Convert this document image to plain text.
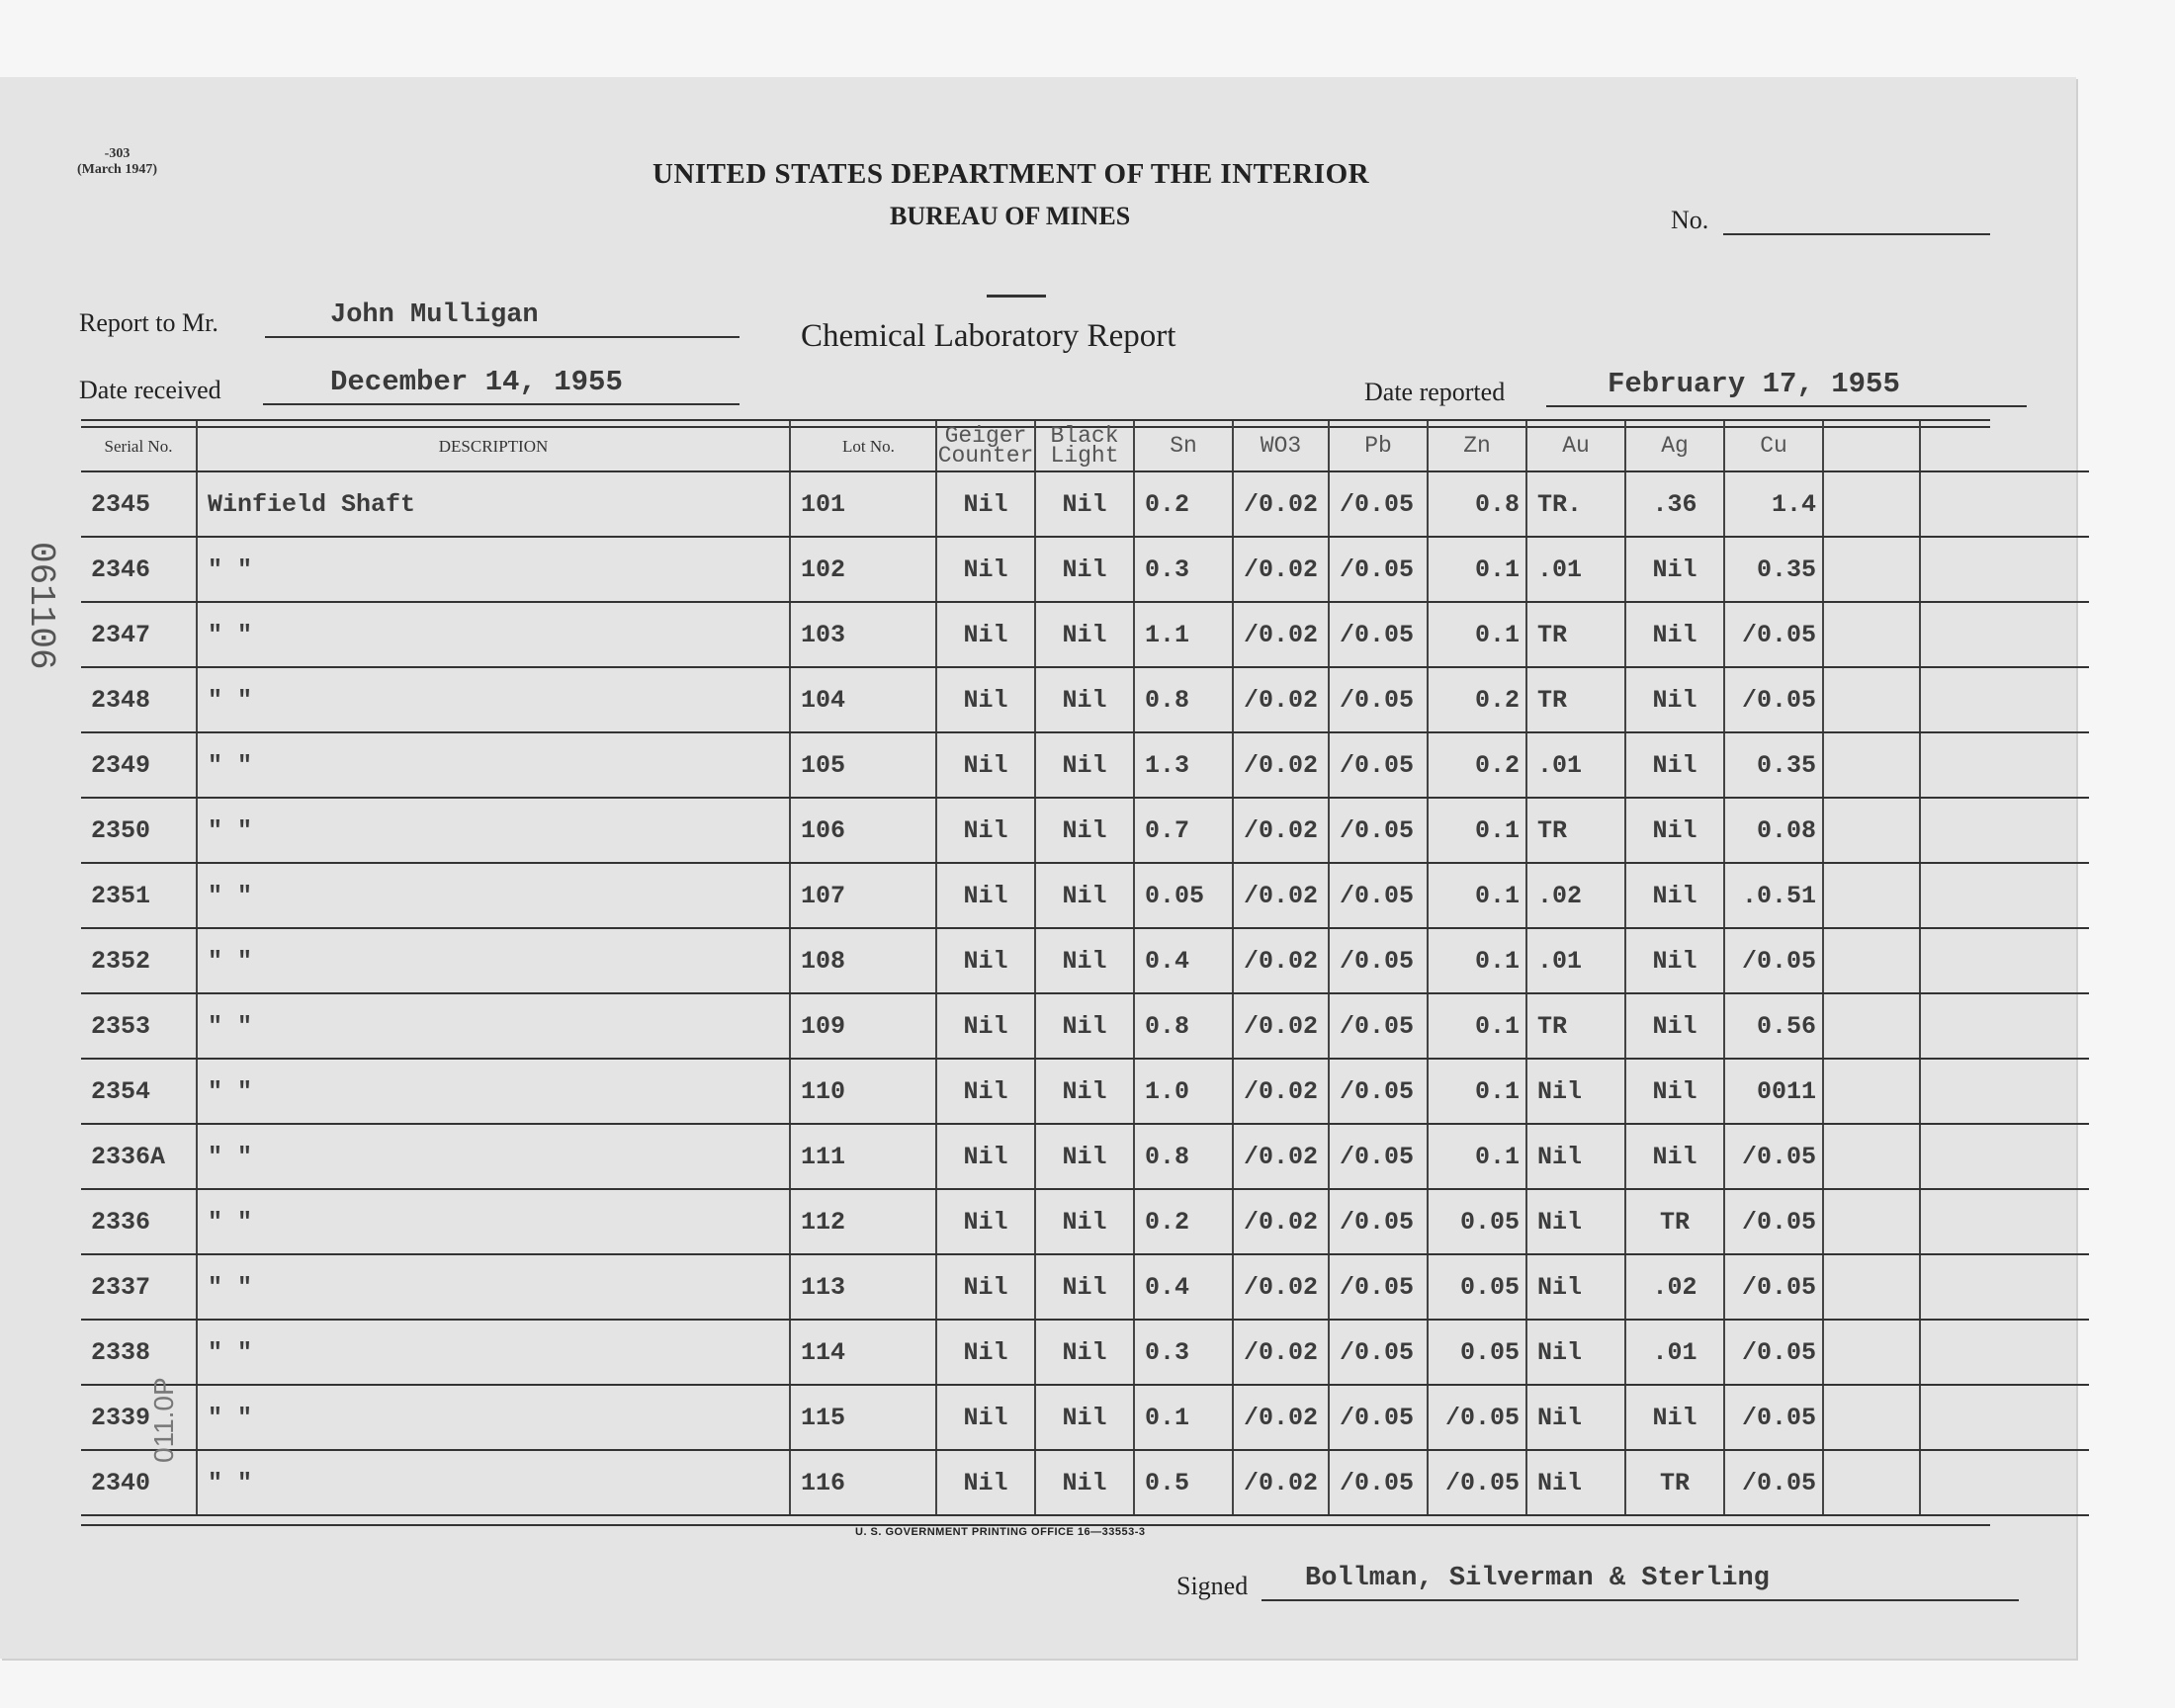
-303
(March 1947)	UNITED STATES DEPARTMENT OF THE INTERIOR
BUREAU OF MINES	No.
Chemical Laboratory Report
Report to Mr.	John Mulligan
Date received	December 14, 1955	Date reported	February 17, 1955
Serial No.	DESCRIPTION	Lot No.	Geiger Counter	Black Light	Sn	WO3	Pb	Zn	Au	Ag	Cu		
2345	Winfield Shaft	101	Nil	Nil	0.2	/0.02	/0.05	0.8	TR.	.36	1.4		
2346	" "	102	Nil	Nil	0.3	/0.02	/0.05	0.1	.01	Nil	0.35		
2347	" "	103	Nil	Nil	1.1	/0.02	/0.05	0.1	TR	Nil	/0.05		
2348	" "	104	Nil	Nil	0.8	/0.02	/0.05	0.2	TR	Nil	/0.05		
2349	" "	105	Nil	Nil	1.3	/0.02	/0.05	0.2	.01	Nil	0.35		
2350	" "	106	Nil	Nil	0.7	/0.02	/0.05	0.1	TR	Nil	0.08		
2351	" "	107	Nil	Nil	0.05	/0.02	/0.05	0.1	.02	Nil	.0.51		
2352	" "	108	Nil	Nil	0.4	/0.02	/0.05	0.1	.01	Nil	/0.05		
2353	" "	109	Nil	Nil	0.8	/0.02	/0.05	0.1	TR	Nil	0.56		
2354	" "	110	Nil	Nil	1.0	/0.02	/0.05	0.1	Nil	Nil	0011		
2336A	" "	111	Nil	Nil	0.8	/0.02	/0.05	0.1	Nil	Nil	/0.05		
2336	" "	112	Nil	Nil	0.2	/0.02	/0.05	0.05	Nil	TR	/0.05		
2337	" "	113	Nil	Nil	0.4	/0.02	/0.05	0.05	Nil	.02	/0.05		
2338	" "	114	Nil	Nil	0.3	/0.02	/0.05	0.05	Nil	.01	/0.05		
2339	" "	115	Nil	Nil	0.1	/0.02	/0.05	/0.05	Nil	Nil	/0.05		
2340	" "	116	Nil	Nil	0.5	/0.02	/0.05	/0.05	Nil	TR	/0.05		
U. S. GOVERNMENT PRINTING OFFICE 16—33553-3
Signed Bollman, Silverman & Sterling
061106
011.0P
